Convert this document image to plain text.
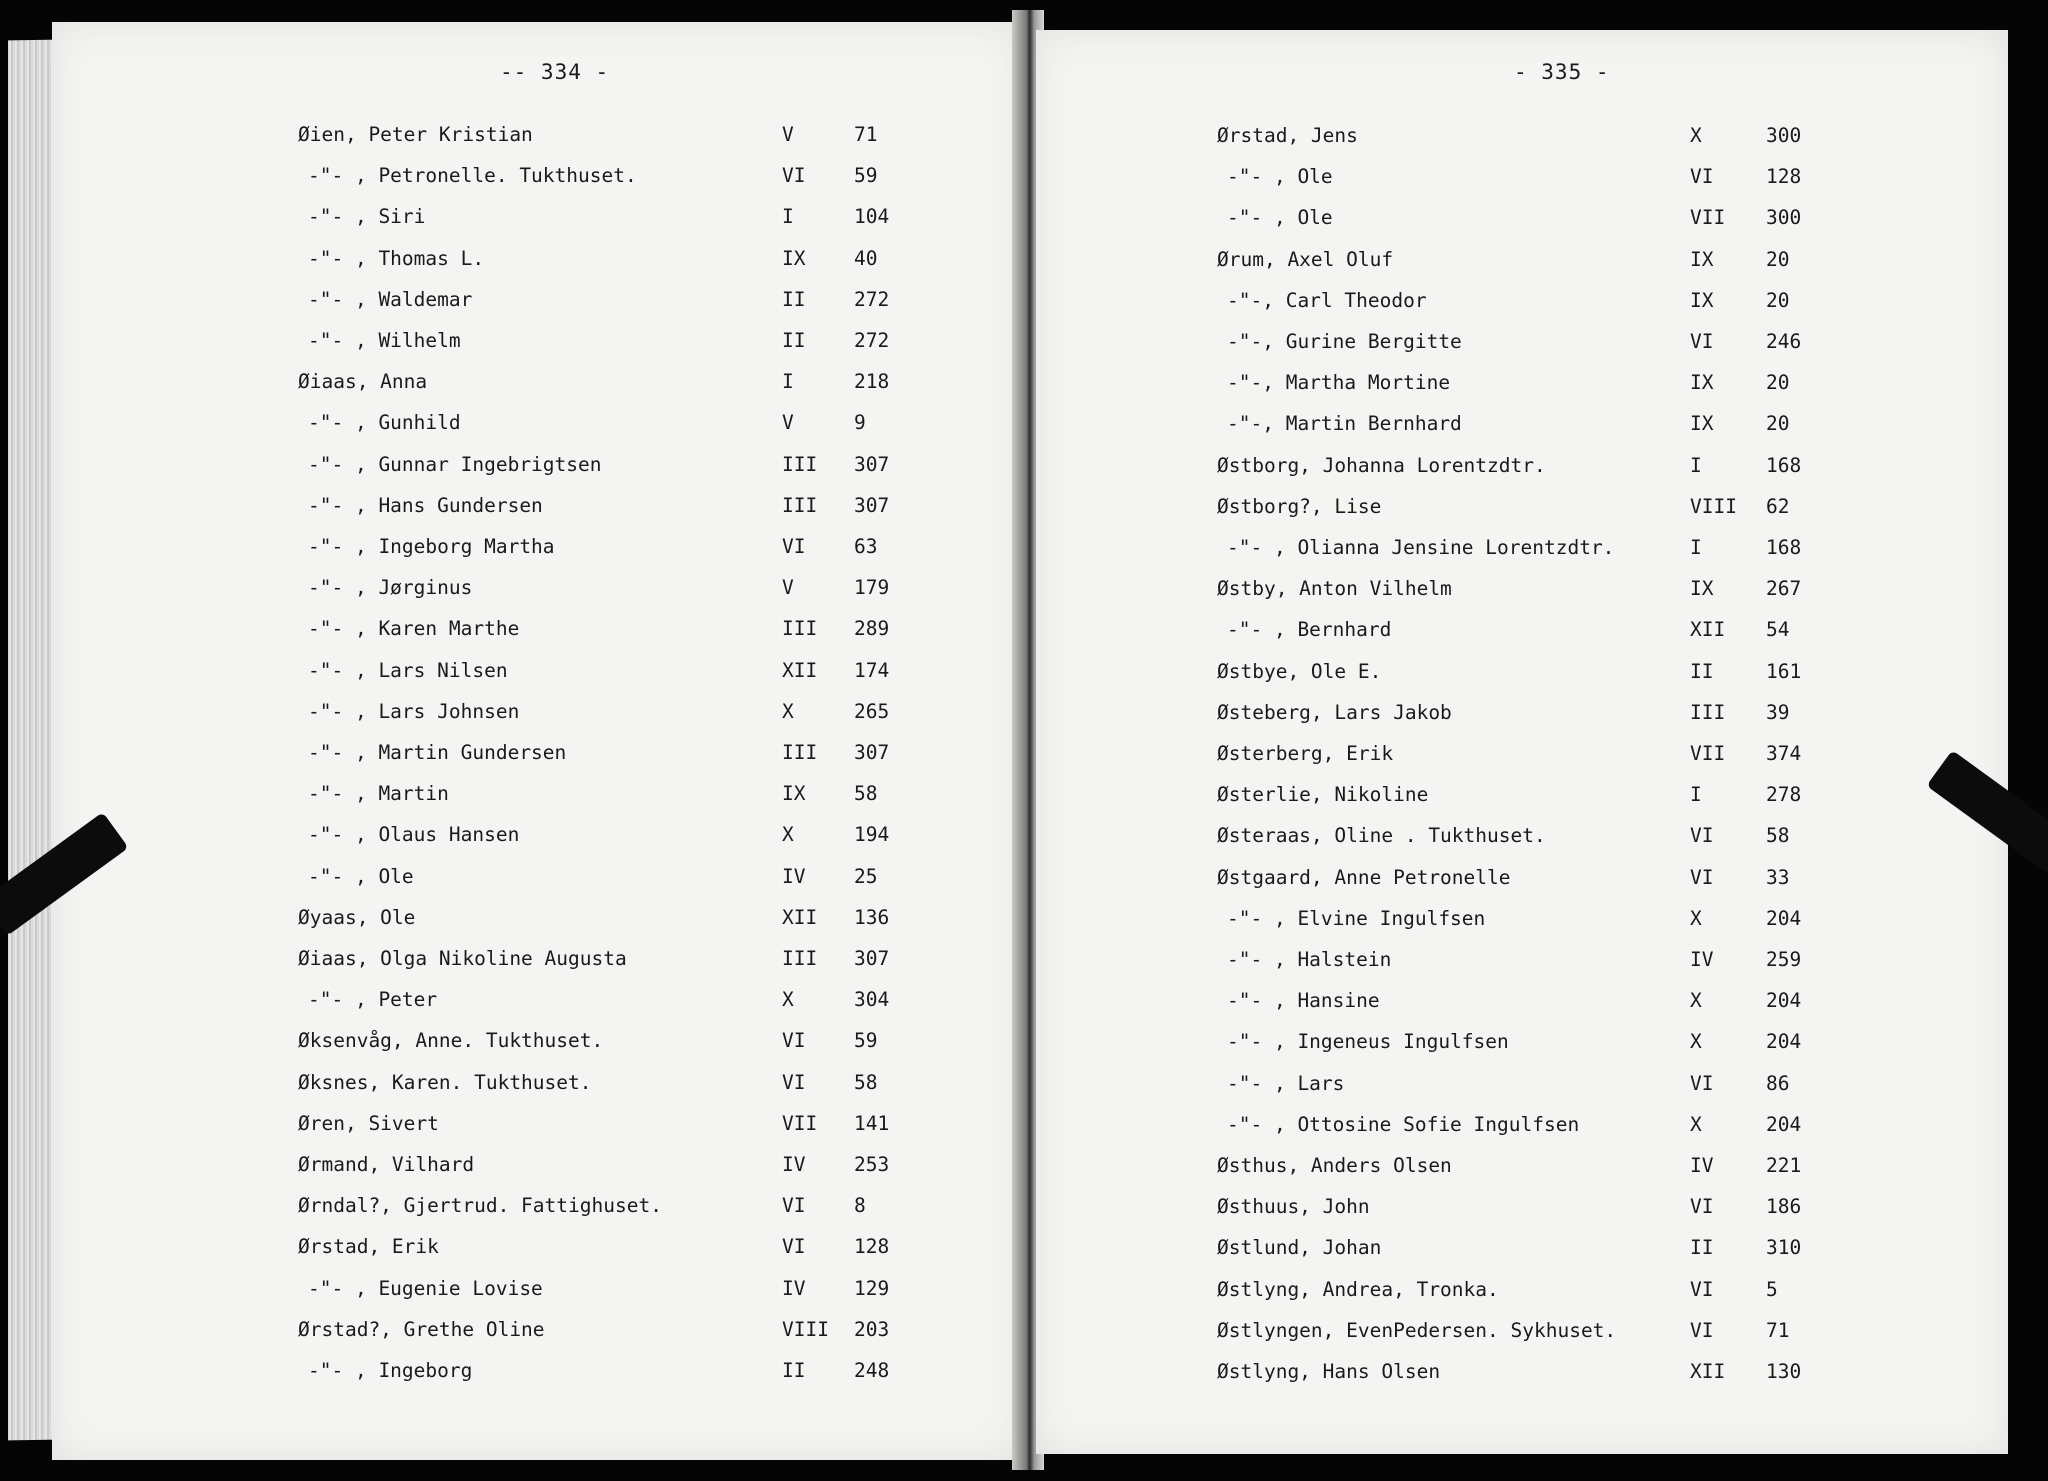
-- 334 -
Øien, Peter Kristian	V	71
-"- , Petronelle. Tukthuset.	VI 59
-"- , Siri	I	104
-"- , Thomas L.	IX 40
-"- , Waldemar	II 272
-"- , Wilhelm	II 272
Øiaas, Anna	I	218
-"- , Gunhild	V	9
-"- , Gunnar Ingebrigtsen	III 307
-"- , Hans Gundersen	III 307
-"- , Ingeborg Martha	VI 63
-"- , Jørginus	V	179
-"- , Karen Marthe	III 289
-"- , Lars Nilsen	XII 174
-"- , Lars Johnsen	X	265
-"- , Martin Gundersen	III 307
-"- , Martin	IX 58
-"- , Olaus Hansen	X	194
-"- , Ole	IV 25
Øyaas, Ole	XII 136
Øiaas, Olga Nikoline Augusta	III 307
-"- , Peter	X	304
Øksenvåg, Anne. Tukthuset.	VI 59
Øksnes, Karen. Tukthuset.	VI 58
Øren, Sivert	VII 141
Ørmand, Vilhard	IV 253
Ørndal?, Gjertrud. Fattighuset.	VI 8
Ørstad, Erik	VI 128
-"- , Eugenie Lovise	IV 129
Ørstad?, Grethe Oline	VIII 203
-"- , Ingeborg	II 248
- 335 -
Ørstad, Jens	X	300
-"- , Ole	VI	128
-"- , Ole	VII 300
Ørum, Axel Oluf	IX	20
-"-, Carl Theodor	IX	20
-"-, Gurine Bergitte	VI	246
-"-, Martha Mortine	IX	20
-"-, Martin Bernhard	IX	20
Østborg, Johanna Lorentzdtr.	I	168
Østborg?, Lise	VIII 62
-"- , Olianna Jensine Lorentzdtr.	I	168
Østby, Anton Vilhelm	IX	267
-"- , Bernhard	XII 54
Østbye, Ole E.	II	161
Østeberg, Lars Jakob	III 39
Østerberg, Erik	VII 374
Østerlie, Nikoline	I	278
Østeraas, Oline . Tukthuset.	VI	58
Østgaard, Anne Petronelle	VI	33
-"- , Elvine Ingulfsen	X	204
-"- , Halstein	IV	259
-"- , Hansine	X	204
-"- , Ingeneus Ingulfsen	X	204
-"- , Lars	VI	86
-"- , Ottosine Sofie Ingulfsen	X	204
Østhus, Anders Olsen	IV	221
Østhuus, John	VI	186
Østlund, Johan	II	310
Østlyng, Andrea, Tronka.	VI	5
Østlyngen, EvenPedersen. Sykhuset.	VI	71
Østlyng, Hans Olsen	XII 130
